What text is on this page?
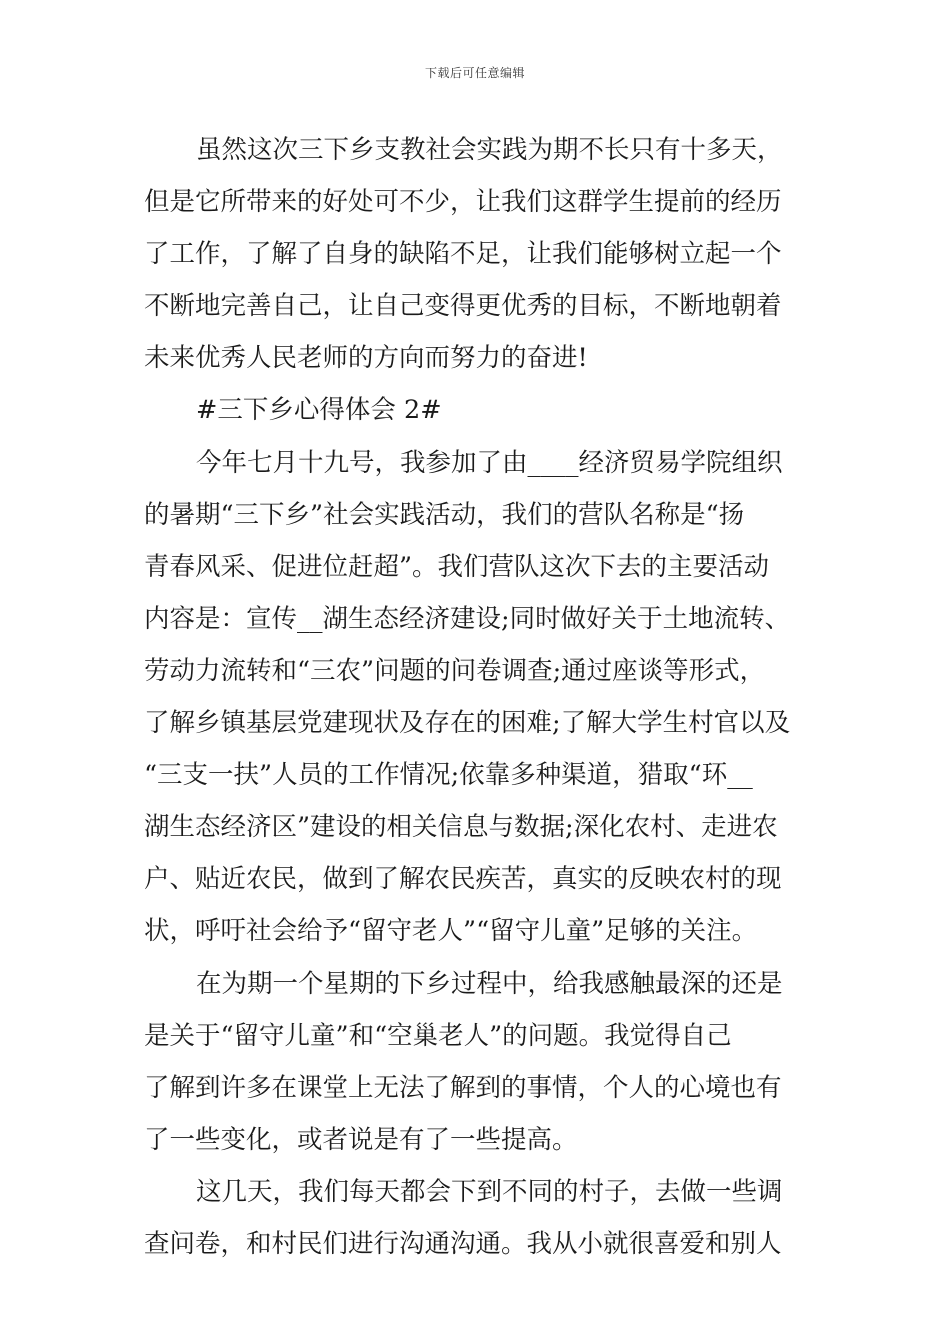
下载后可任意编辑
虽然这次三下乡支教社会实践为期不长只有十多天，
但是它所带来的好处可不少，让我们这群学生提前的经历
了工作，了解了自身的缺陷不足，让我们能够树立起一个
不断地完善自己，让自己变得更优秀的目标，不断地朝着
未来优秀人民老师的方向而努力的奋进!
#三下乡心得体会 2#
今年七月十九号，我参加了由____经济贸易学院组织
的暑期“三下乡”社会实践活动，我们的营队名称是“扬
青春风采、促进位赶超”。我们营队这次下去的主要活动
内容是：宣传__湖生态经济建设;同时做好关于土地流转、
劳动力流转和“三农”问题的问卷调查;通过座谈等形式，
了解乡镇基层党建现状及存在的困难;了解大学生村官以及
“三支一扶”人员的工作情况;依靠多种渠道，猎取“环__
湖生态经济区”建设的相关信息与数据;深化农村、走进农
户、贴近农民，做到了解农民疾苦，真实的反映农村的现
状，呼吁社会给予“留守老人”“留守儿童”足够的关注。
在为期一个星期的下乡过程中，给我感触最深的还是
是关于“留守儿童”和“空巢老人”的问题。我觉得自己
了解到许多在课堂上无法了解到的事情，个人的心境也有
了一些变化，或者说是有了一些提高。
这几天，我们每天都会下到不同的村子，去做一些调
查问卷，和村民们进行沟通沟通。我从小就很喜爱和别人
